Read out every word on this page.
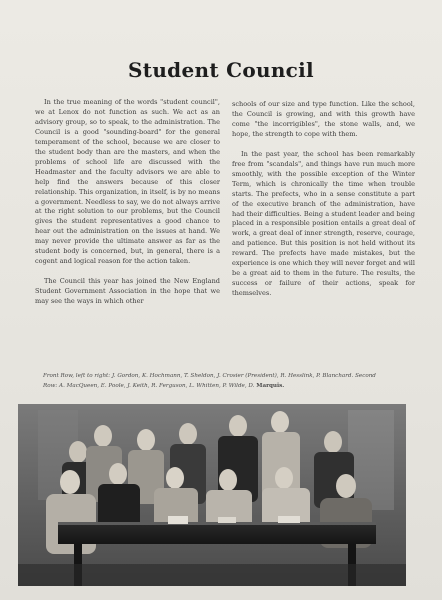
Student Council

In the true meaning of the words "student council", we at Lenox do not function as such. We act as an advisory group, so to speak, to the administration. The Council is a good "sounding-board" for the general temperament of the school, because we are closer to the student body than are the masters, and when the problems of school life are discussed with the Headmaster and the faculty advisors we are able to help find the answers because of this closer relationship. This organization, in itself, is by no means a government. Needless to say, we do not always arrive at the right solution to our problems, but the Council gives the student representatives a good chance to hear out the administration on the issues at hand. We may never provide the ultimate answer as far as the student body is concerned, but, in general, there is a cogent and logical reason for the action taken.

The Council this year has joined the New England Student Government Association in the hope that we may see the ways in which other

schools of our size and type function. Like the school, the Council is growing, and with this growth have come "the incorrigibles", the stone walls, and, we hope, the strength to cope with them.

In the past year, the school has been remarkably free from "scandals", and things have run much more smoothly, with the possible exception of the Winter Term, which is chronically the time when trouble starts. The prefects, who in a sense constitute a part of the executive branch of the administration, have had their difficulties. Being a student leader and being placed in a responsible position entails a great deal of work, a great deal of inner strength, reserve, courage, and patience. But this position is not held without its reward. The prefects have made mistakes, but the experience is one which they will never forget and will be a great aid to them in the future. The results, the success or failure of their actions, speak for themselves.

Front Row, left to right: J. Gordon, K. Hochmann, T. Sheldon, J. Crosier (President), R. Hesslink, P. Blanchard. Second Row: A. MacQueen, E. Poole, J. Keith, R. Ferguson, L. Whitten, P. Wilde, D. Marquis.
